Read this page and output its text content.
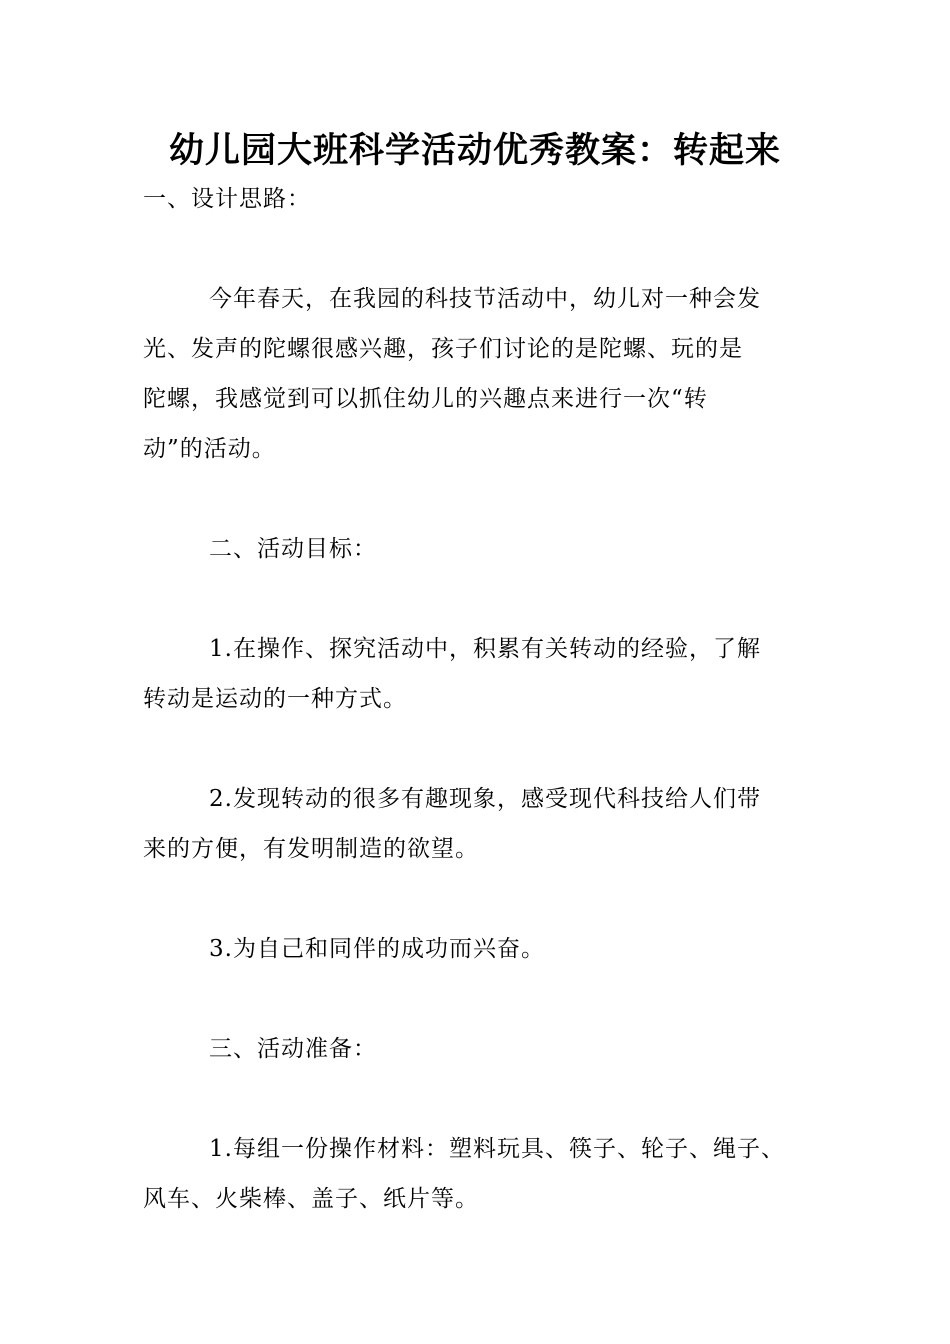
幼儿园大班科学活动优秀教案：转起来
一、设计思路：
今年春天，在我园的科技节活动中，幼儿对一种会发
光、发声的陀螺很感兴趣，孩子们讨论的是陀螺、玩的是
陀螺，我感觉到可以抓住幼儿的兴趣点来进行一次“转
动”的活动。
二、活动目标：
1.在操作、探究活动中，积累有关转动的经验，了解
转动是运动的一种方式。
2.发现转动的很多有趣现象，感受现代科技给人们带
来的方便，有发明制造的欲望。
3.为自己和同伴的成功而兴奋。
三、活动准备：
1.每组一份操作材料：塑料玩具、筷子、轮子、绳子、
风车、火柴棒、盖子、纸片等。
